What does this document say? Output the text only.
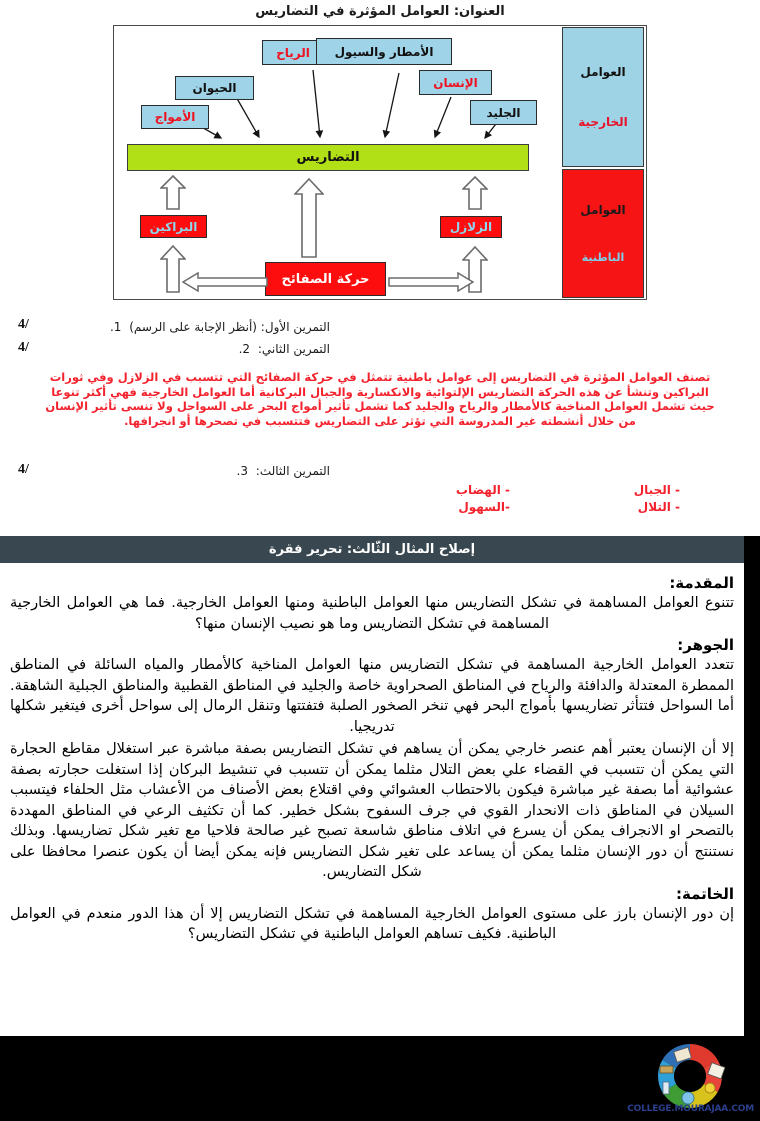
العنوان: العوامل المؤثرة في التضاريس
الرياح الأمطار والسيول
الحيوان	الإنسان
الأمواج	الجليد
التضاريس
البراكين	الزلازل
حركة الصفائح
العوامل
الخارجية
العوامل
الباطنية
/4	التمرين الأول: (أنظر الإجابة على الرسم) 1.
/4	التمرين الثاني: 2.
تصنف العوامل المؤثرة في التضاريس إلى عوامل باطنية تتمثل في حركة الصفائح التي تتسبب في الزلازل وفي ثورات
البراكين وتنشأ عن هذه الحركة التضاريس الإلتوائية والانكسارية والجبال البركانية أما العوامل الخارجية فهي أكثر تنوعا
حيث تشمل العوامل المناخية كالأمطار والرياح والجليد كما تشمل تأثير أمواج البحر على السواحل ولا تنسى تأثير الإنسان
من خلال أنشطته غير المدروسة التي تؤثر على التضاريس فتتسبب في تصحرها أو انجرافها.
/4	التمرين الثالث: 3.
- الجبال
- التلال
- الهضاب
-السهول
إصلاح المثال الثّالث: تحرير فقرة
المقدمة:
تتنوع العوامل المساهمة في تشكل التضاريس منها العوامل الباطنية ومنها العوامل الخارجية. فما هي العوامل الخارجية المساهمة في تشكل التضاريس وما هو نصيب الإنسان منها؟
الجوهر:
تتعدد العوامل الخارجية المساهمة في تشكل التضاريس منها العوامل المناخية كالأمطار والمياه السائلة في المناطق الممطرة المعتدلة والدافئة والرياح في المناطق الصحراوية خاصة والجليد في المناطق القطبية والمناطق الجبلية الشاهقة. أما السواحل فتتأثر تضاريسها بأمواج البحر فهي تنخر الصخور الصلبة فتفتتها وتنقل الرمال إلى سواحل أخرى فيتغير شكلها تدريجيا.
إلا أن الإنسان يعتبر أهم عنصر خارجي يمكن أن يساهم في تشكل التضاريس بصفة مباشرة عبر استغلال مقاطع الحجارة التي يمكن أن تتسبب في القضاء علي بعض التلال مثلما يمكن أن تتسبب في تنشيط البركان إذا استغلت حجارته بصفة عشوائية أما بصفة غير مباشرة فيكون بالاحتطاب العشوائي وفي اقتلاع بعض الأصناف من الأعشاب مثل الحلفاء فيتسبب السيلان في المناطق ذات الانحدار القوي في جرف السفوح بشكل خطير. كما أن تكثيف الرعي في المناطق المهددة بالتصحر او الانجراف يمكن أن يسرع في اتلاف مناطق شاسعة تصبح غير صالحة فلاحيا مع تغير شكل تضاريسها. وبذلك نستنتج أن دور الإنسان مثلما يمكن أن يساعد على تغير شكل التضاريس فإنه يمكن أيضا أن يكون عنصرا محافظا على شكل التضاريس.
الخاتمة:
إن دور الإنسان بارز على مستوى العوامل الخارجية المساهمة في تشكل التضاريس إلا أن هذا الدور منعدم في العوامل الباطنية. فكيف تساهم العوامل الباطنية في تشكل التضاريس؟
COLLEGE.MOURAJAA.COM
